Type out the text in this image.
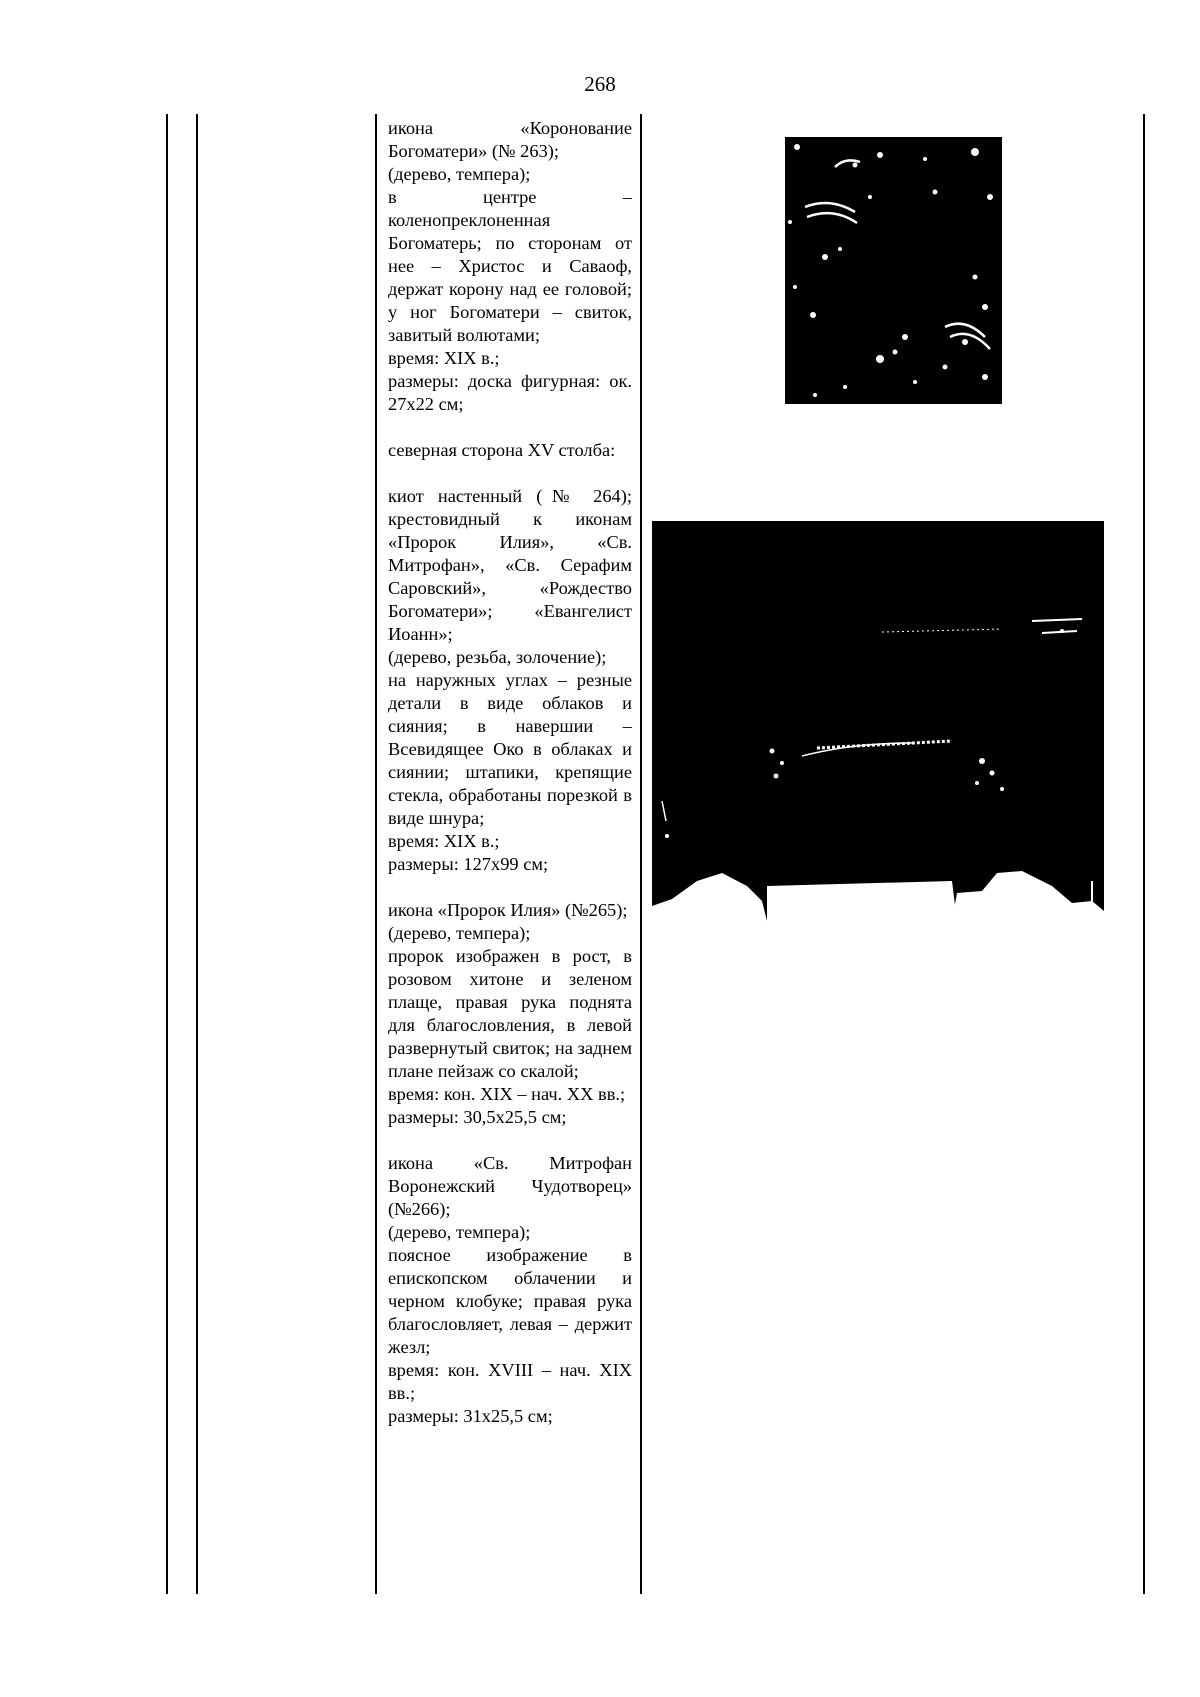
268

икона «Коронование Богоматери» (№ 263);

(дерево, темпера);

в центре – коленопреклоненная Богоматерь; по сторонам от нее – Христос и Саваоф, держат корону над ее головой; у ног Богоматери – свиток, завитый волютами;

время: XIX в.;

размеры: доска фигурная: ок. 27x22 см;

северная сторона XV столба:

киот настенный (№ 264); крестовидный к иконам «Пророк Илия», «Св. Митрофан», «Св. Серафим Саровский», «Рождество Богоматери»; «Евангелист Иоанн»;

(дерево, резьба, золочение);

на наружных углах – резные детали в виде облаков и сияния; в навершии – Всевидящее Око в облаках и сиянии; штапики, крепящие стекла, обработаны порезкой в виде шнура;

время: XIX в.;

размеры: 127x99 см;

икона «Пророк Илия» (№265);

(дерево, темпера);

пророк изображен в рост, в розовом хитоне и зеленом плаще, правая рука поднята для благословления, в левой развернутый свиток; на заднем плане пейзаж со скалой;

время: кон. XIX – нач. XX вв.;

размеры: 30,5x25,5 см;

икона «Св. Митрофан Воронежский Чудотворец» (№266);

(дерево, темпера);

поясное изображение в епископском облачении и черном клобуке; правая рука благословляет, левая – держит жезл;

время: кон. XVIII – нач. XIX вв.;

размеры: 31x25,5 см;
